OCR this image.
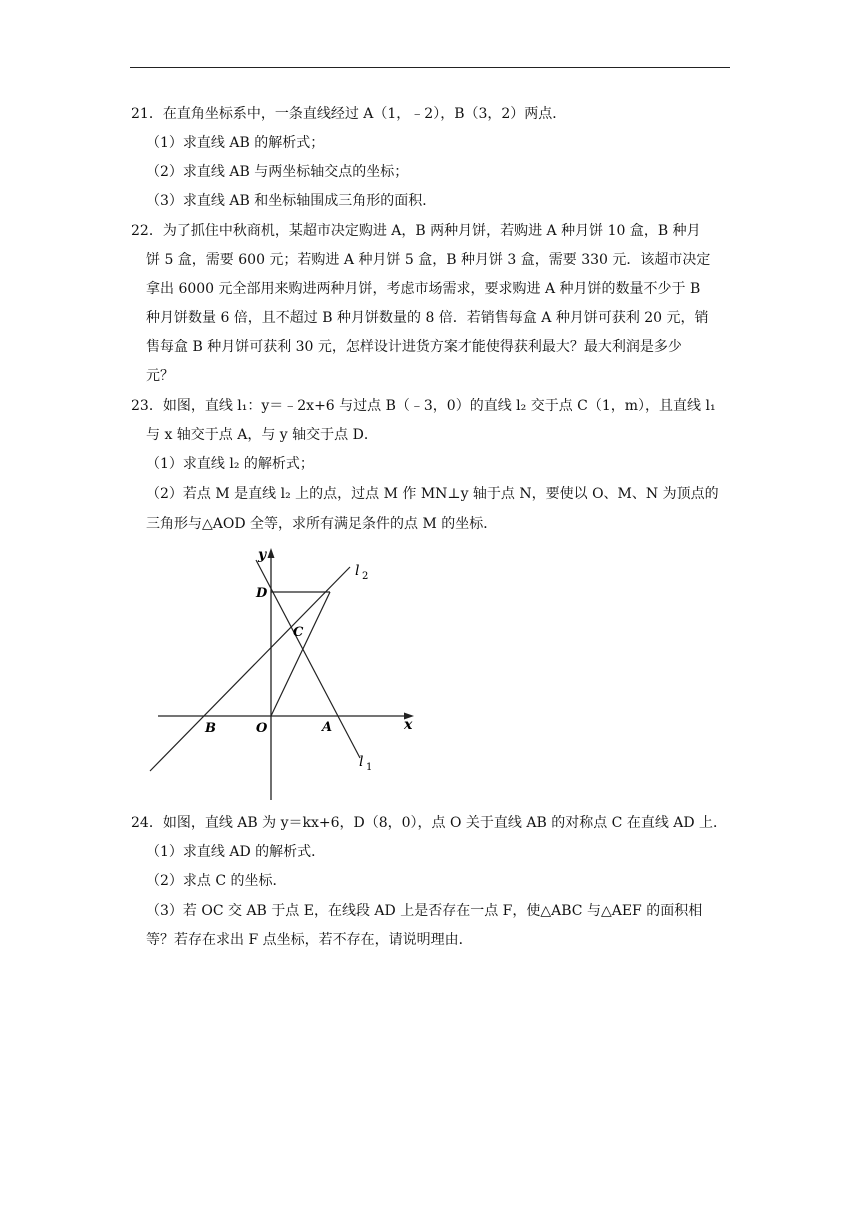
21．在直角坐标系中，一条直线经过 A（1，﹣2），B（3，2）两点．
（1）求直线 AB 的解析式；
（2）求直线 AB 与两坐标轴交点的坐标；
（3）求直线 AB 和坐标轴围成三角形的面积．
22．为了抓住中秋商机，某超市决定购进 A，B 两种月饼，若购进 A 种月饼 10 盒，B 种月
饼 5 盒，需要 600 元；若购进 A 种月饼 5 盒，B 种月饼 3 盒，需要 330 元．该超市决定
拿出 6000 元全部用来购进两种月饼，考虑市场需求，要求购进 A 种月饼的数量不少于 B
种月饼数量 6 倍，且不超过 B 种月饼数量的 8 倍．若销售每盒 A 种月饼可获利 20 元，销
售每盒 B 种月饼可获利 30 元，怎样设计进货方案才能使得获利最大？最大利润是多少
元？
23．如图，直线 l₁：y＝﹣2x+6 与过点 B（﹣3，0）的直线 l₂ 交于点 C（1，m），且直线 l₁
与 x 轴交于点 A，与 y 轴交于点 D．
（1）求直线 l₂ 的解析式；
（2）若点 M 是直线 l₂ 上的点，过点 M 作 MN⊥y 轴于点 N，要使以 O、M、N 为顶点的
三角形与△AOD 全等，求所有满足条件的点 M 的坐标．
y
x
l 2
l 1
D
C
B	O	A
24．如图，直线 AB 为 y＝kx+6，D（8，0），点 O 关于直线 AB 的对称点 C 在直线 AD 上．
（1）求直线 AD 的解析式．
（2）求点 C 的坐标．
（3）若 OC 交 AB 于点 E，在线段 AD 上是否存在一点 F，使△ABC 与△AEF 的面积相
等？若存在求出 F 点坐标，若不存在，请说明理由．
